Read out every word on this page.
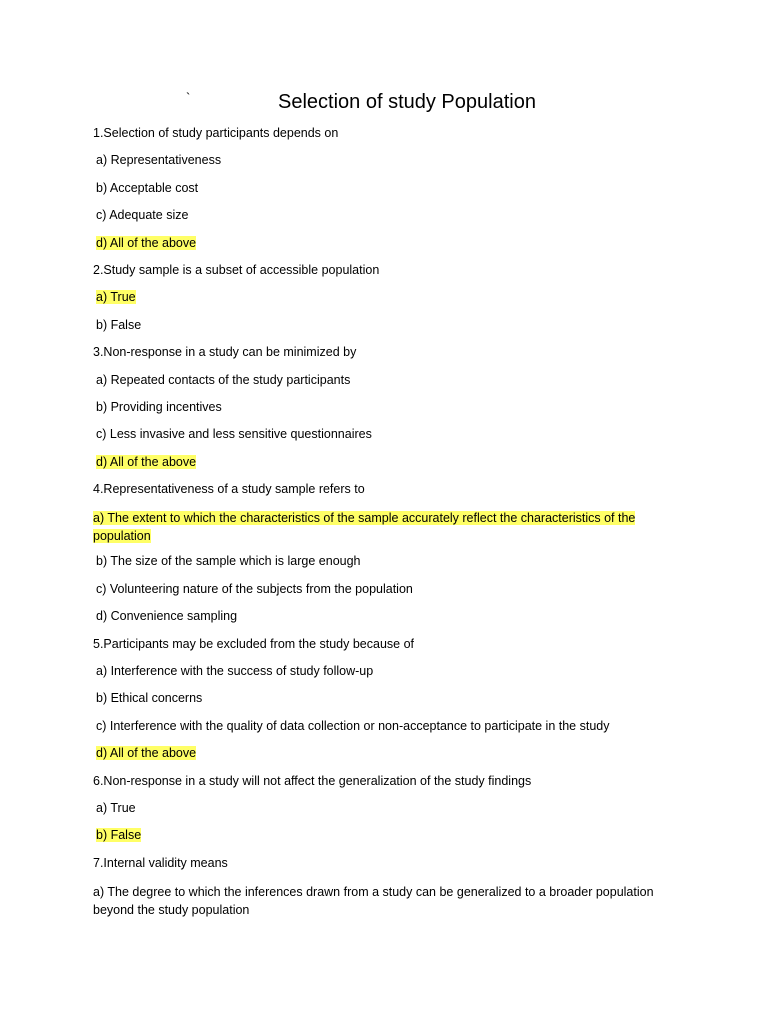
`	Selection of study Population

1.Selection of study participants depends on

a) Representativeness

b) Acceptable cost

c) Adequate size

d) All of the above

2.Study sample is a subset of accessible population

a) True

b) False

3.Non-response in a study can be minimized by

a) Repeated contacts of the study participants

b) Providing incentives

c) Less invasive and less sensitive questionnaires

d) All of the above

4.Representativeness of a study sample refers to

a) The extent to which the characteristics of the sample accurately reflect the characteristics of the population

b) The size of the sample which is large enough

c) Volunteering nature of the subjects from the population

d) Convenience sampling

5.Participants may be excluded from the study because of

a) Interference with the success of study follow-up

b) Ethical concerns

c) Interference with the quality of data collection or non-acceptance to participate in the study

d) All of the above

6.Non-response in a study will not affect the generalization of the study findings

a) True

b) False

7.Internal validity means

a) The degree to which the inferences drawn from a study can be generalized to a broader population beyond the study population
